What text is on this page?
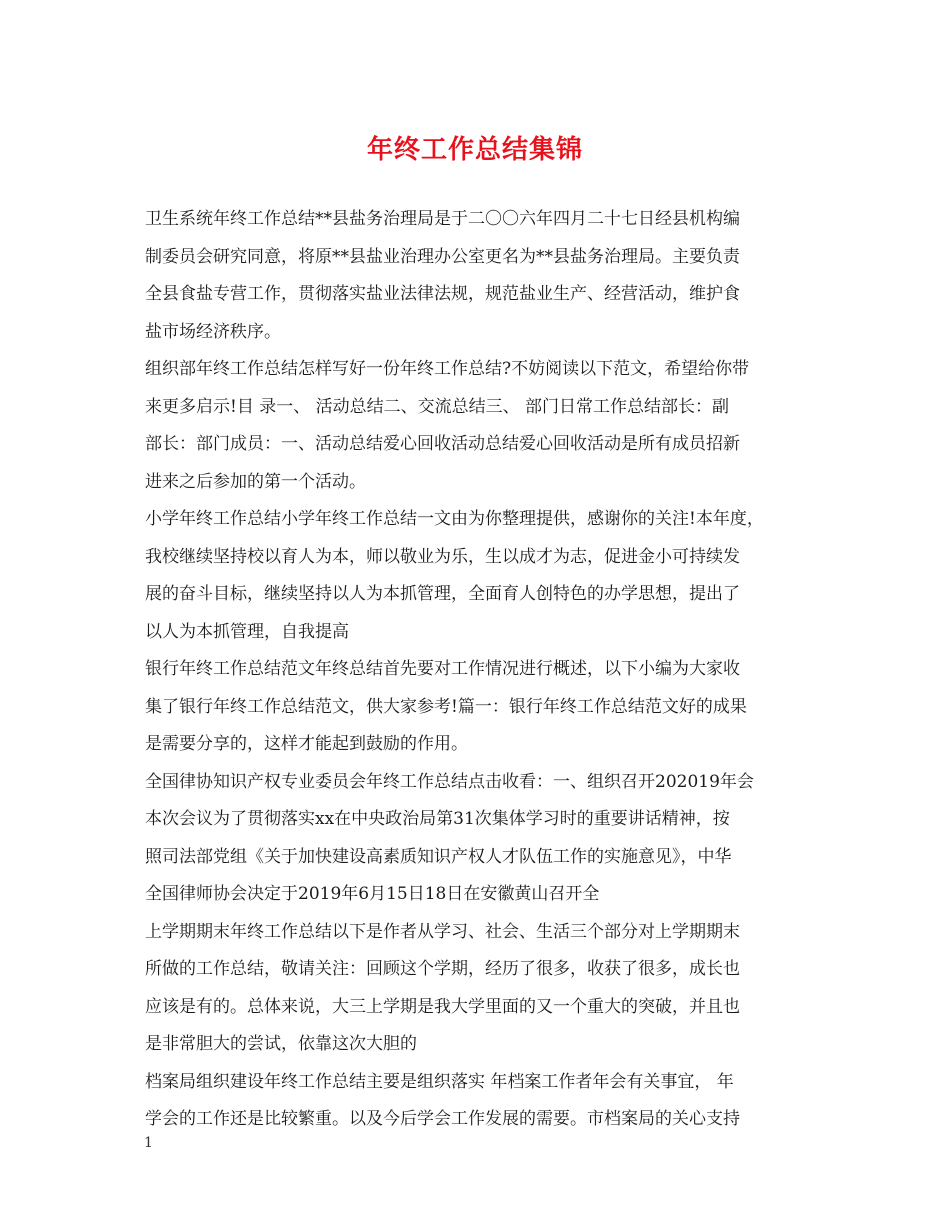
年终工作总结集锦
卫生系统年终工作总结**县盐务治理局是于二〇〇六年四月二十七日经县机构编
制委员会研究同意，将原**县盐业治理办公室更名为**县盐务治理局。主要负责
全县食盐专营工作，贯彻落实盐业法律法规，规范盐业生产、经营活动，维护食
盐市场经济秩序。
组织部年终工作总结怎样写好一份年终工作总结?不妨阅读以下范文，希望给你带
来更多启示!目 录一、 活动总结二、交流总结三、 部门日常工作总结部长：副
部长：部门成员：一、活动总结爱心回收活动总结爱心回收活动是所有成员招新
进来之后参加的第一个活动。
小学年终工作总结小学年终工作总结一文由为你整理提供，感谢你的关注!本年度，
我校继续坚持校以育人为本，师以敬业为乐，生以成才为志，促进金小可持续发
展的奋斗目标，继续坚持以人为本抓管理，全面育人创特色的办学思想，提出了
以人为本抓管理，自我提高
银行年终工作总结范文年终总结首先要对工作情况进行概述，以下小编为大家收
集了银行年终工作总结范文，供大家参考!篇一：银行年终工作总结范文好的成果
是需要分享的，这样才能起到鼓励的作用。
全国律协知识产权专业委员会年终工作总结点击收看：一、组织召开202019年会
本次会议为了贯彻落实xx在中央政治局第31次集体学习时的重要讲话精神，按
照司法部党组《关于加快建设高素质知识产权人才队伍工作的实施意见》，中华
全国律师协会决定于2019年6月15日18日在安徽黄山召开全
上学期期末年终工作总结以下是作者从学习、社会、生活三个部分对上学期期末
所做的工作总结，敬请关注：回顾这个学期，经历了很多，收获了很多，成长也
应该是有的。总体来说，大三上学期是我大学里面的又一个重大的突破，并且也
是非常胆大的尝试，依靠这次大胆的
档案局组织建设年终工作总结主要是组织落实 年档案工作者年会有关事宜， 年
学会的工作还是比较繁重。以及今后学会工作发展的需要。市档案局的关心支持
1
